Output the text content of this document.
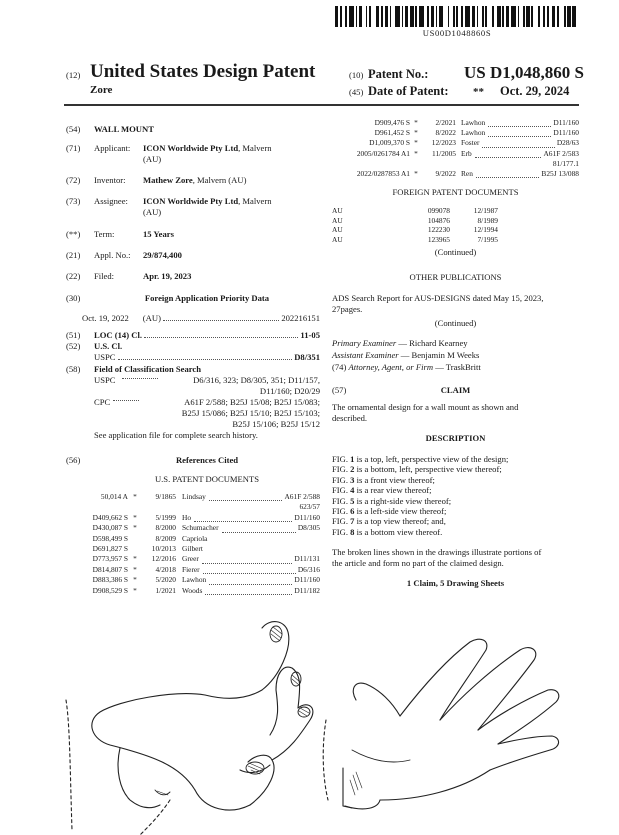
US00D1048860S
(12) United States Design Patent
Zore
(10) Patent No.: US D1,048,860 S
(45) Date of Patent: ** Oct. 29, 2024
(54) WALL MOUNT
(71) Applicant: ICON Worldwide Pty Ltd, Malvern
(AU)
(72) Inventor: Mathew Zore, Malvern (AU)
(73) Assignee: ICON Worldwide Pty Ltd, Malvern
(AU)
(**) Term:	15 Years
(21) Appl. No.: 29/874,400
(22) Filed:	Apr. 19, 2023
(30)	Foreign Application Priority Data
Oct. 19, 2022 (AU)	202216151
(51) LOC (14) Cl.	11-05
(52) U.S. Cl.
USPC	D8/351
(58) Field of Classification Search
USPC	D6/316, 323; D8/305, 351; D11/157,
D11/160; D20/29
CPC	A61F 2/588; B25J 15/08; B25J 15/083;
B25J 15/086; B25J 15/10; B25J 15/103;
B25J 15/106; B25J 15/12
See application file for complete search history.
(56)	References Cited
U.S. PATENT DOCUMENTS
50,014 A *	9/1865 Lindsay	A61F 2/588
623/57
D409,662 S *	5/1999 Ho	D11/160
D430,087 S *	8/2000 Schumacher	D8/305
D598,499 S	8/2009 Capriola
D691,827 S	10/2013 Gilbert
D773,957 S *	12/2016 Greer	D11/131
D814,807 S *	4/2018 Fierer	D6/316
D883,386 S *	5/2020 Lawhon	D11/160
D908,529 S *	1/2021 Woods	D11/182
D909,476 S *	2/2021 Lawhon	D11/160
D961,452 S *	8/2022 Lawhon	D11/160
D1,009,370 S *	12/2023 Foster	D28/63
2005/0261784 A1 *	11/2005 Erb	A61F 2/583
81/177.1
2022/0287853 A1 *	9/2022 Ren	B25J 13/088
FOREIGN PATENT DOCUMENTS
AU	099078	12/1987
AU	104876	8/1989
AU	122230	12/1994
AU	123965	7/1995
(Continued)
OTHER PUBLICATIONS
ADS Search Report for AUS-DESIGNS dated May 15, 2023,
27pages.
(Continued)
Primary Examiner — Richard Kearney
Assistant Examiner — Benjamin M Weeks
(74) Attorney, Agent, or Firm — TraskBritt
(57)	CLAIM
The ornamental design for a wall mount as shown and
described.
DESCRIPTION
FIG. 1 is a top, left, perspective view of the design;
FIG. 2 is a bottom, left, perspective view thereof;
FIG. 3 is a front view thereof;
FIG. 4 is a rear view thereof;
FIG. 5 is a right-side view thereof;
FIG. 6 is a left-side view thereof;
FIG. 7 is a top view thereof; and,
FIG. 8 is a bottom view thereof.
The broken lines shown in the drawings illustrate portions of
the article and form no part of the claimed design.
1 Claim, 5 Drawing Sheets
